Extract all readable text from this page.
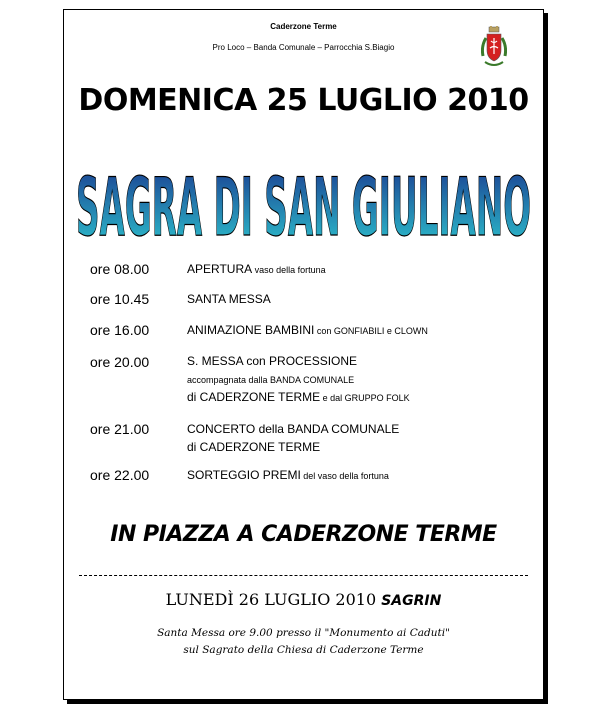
Caderzone Terme
Pro Loco – Banda Comunale – Parrocchia S.Biagio
DOMENICA 25 LUGLIO 2010
SAGRA DI SAN GIULIANO
ore 08.00	APERTURA vaso della fortuna
ore 10.45	SANTA MESSA
ore 16.00	ANIMAZIONE BAMBINI con GONFIABILI e CLOWN
ore 20.00	S. MESSA con PROCESSIONE
accompagnata dalla BANDA COMUNALE
di CADERZONE TERME e dal GRUPPO FOLK
ore 21.00	CONCERTO della BANDA COMUNALE
di CADERZONE TERME
ore 22.00	SORTEGGIO PREMI del vaso della fortuna
IN PIAZZA A CADERZONE TERME
LUNEDÌ 26 LUGLIO 2010 SAGRIN
Santa Messa ore 9.00 presso il "Monumento ai Caduti"
sul Sagrato della Chiesa di Caderzone Terme
